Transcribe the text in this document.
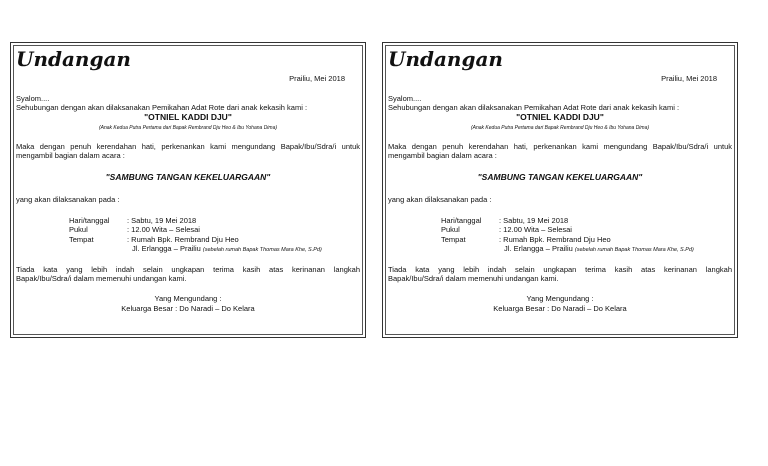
Undangan
Prailiu, Mei 2018
Syalom....
Sehubungan dengan akan dilaksanakan Pemikahan Adat Rote dari anak kekasih kami :
"OTNIEL KADDI DJU"
(Anak Kedua Putra Pertama dari Bapak Rembrand Dju Heo & Ibu Yohana Dima)
Maka dengan penuh kerendahan hati, perkenankan kami mengundang Bapak/Ibu/Sdra/i untuk
mengambil bagian dalam acara :
"SAMBUNG TANGAN KEKELUARGAAN"
yang akan dilaksanakan pada :
Hari/tanggal : Sabtu, 19 Mei 2018
Pukul	: 12.00 Wita – Selesai
Tempat	: Rumah Bpk. Rembrand Dju Heo
Jl. Erlangga – Prailiu (sebelah rumah Bapak Thomas Mara Khe, S.Pd)
Tiada kata yang lebih indah selain ungkapan terima kasih atas kerinanan langkah
Bapak/Ibu/Sdra/i dalam memenuhi undangan kami.
Yang Mengundang :
Keluarga Besar : Do Naradi – Do Kelara
Undangan
Prailiu, Mei 2018
Syalom....
Sehubungan dengan akan dilaksanakan Pemikahan Adat Rote dari anak kekasih kami :
"OTNIEL KADDI DJU"
(Anak Kedua Putra Pertama dari Bapak Rembrand Dju Heo & Ibu Yohana Dima)
Maka dengan penuh kerendahan hati, perkenankan kami mengundang Bapak/Ibu/Sdra/i untuk
mengambil bagian dalam acara :
"SAMBUNG TANGAN KEKELUARGAAN"
yang akan dilaksanakan pada :
Hari/tanggal : Sabtu, 19 Mei 2018
Pukul	: 12.00 Wita – Selesai
Tempat	: Rumah Bpk. Rembrand Dju Heo
Jl. Erlangga – Prailiu (sebelah rumah Bapak Thomas Mara Khe, S.Pd)
Tiada kata yang lebih indah selain ungkapan terima kasih atas kerinanan langkah
Bapak/Ibu/Sdra/i dalam memenuhi undangan kami.
Yang Mengundang :
Keluarga Besar : Do Naradi – Do Kelara
